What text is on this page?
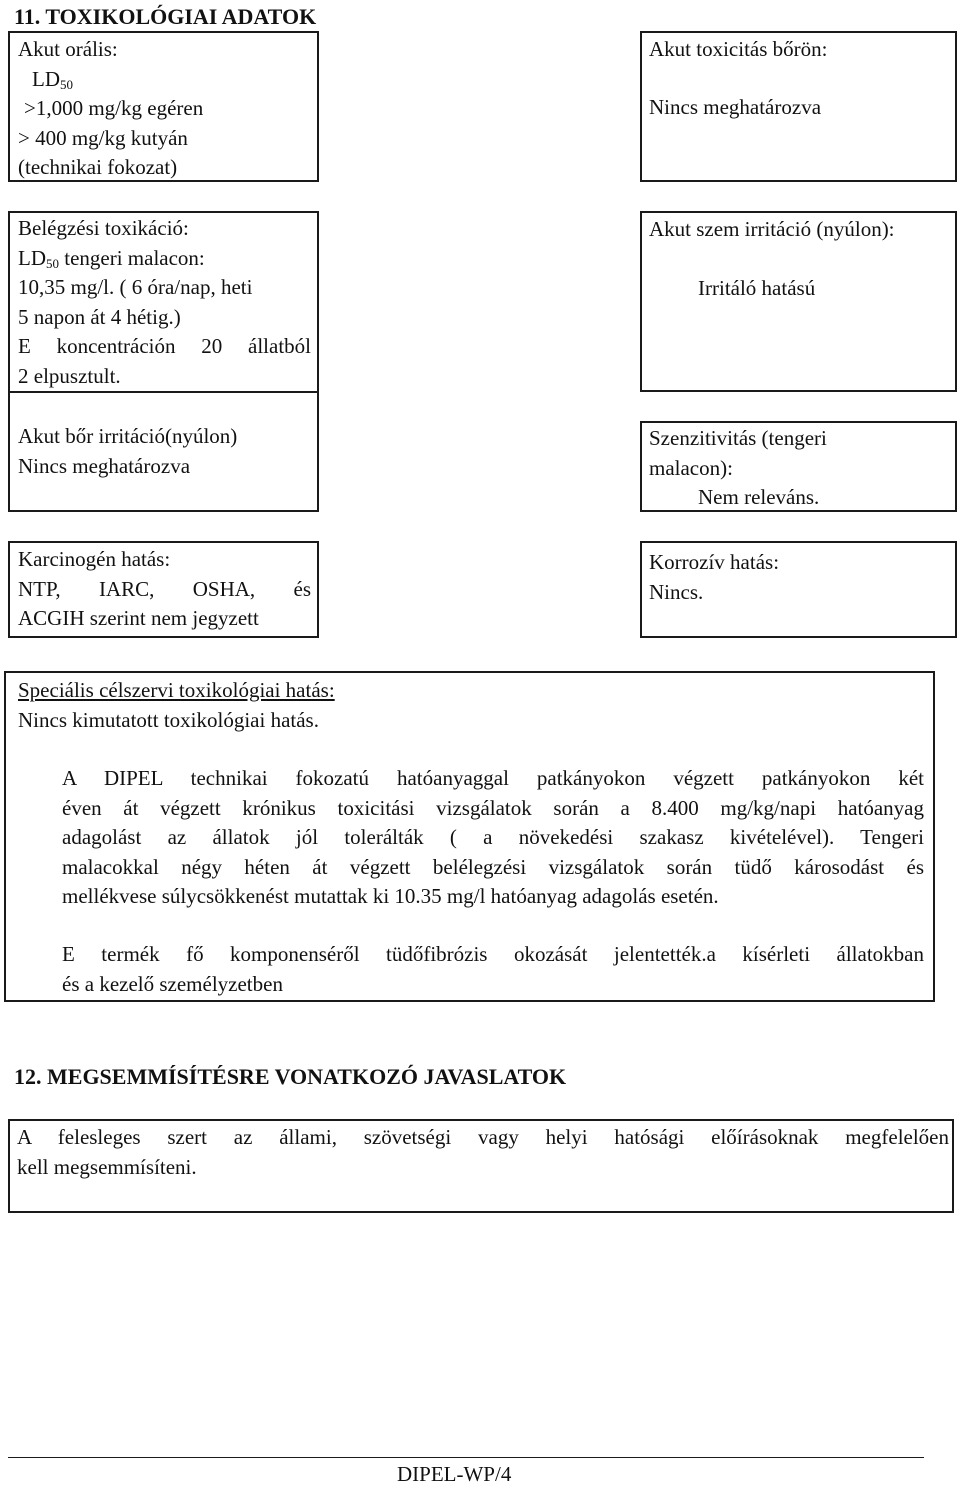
11. TOXIKOLÓGIAI ADATOK
Akut orális:
$LD_{50}$
>1,000 mg/kg egéren
> 400 mg/kg kutyán
(technikai fokozat)
Akut toxicitás bőrön:
Nincs meghatározva
Belégzési toxikáció:
$LD_{50}$ tengeri malacon:
10,35 mg/l. ( 6 óra/nap, heti
5 napon át 4 hétig.)
E koncentráción 20 állatból
2 elpusztult.
Akut szem irritáció (nyúlon):
Irritáló hatású
Akut bőr irritáció(nyúlon)
Nincs meghatározva
Szenzitivitás (tengeri
malacon):
Nem releváns.
Karcinogén hatás:
NTP, IARC, OSHA, és
ACGIH szerint nem jegyzett
Korrozív hatás:
Nincs.
Speciális célszervi toxikológiai hatás:
Nincs kimutatott toxikológiai hatás.
A DIPEL technikai fokozatú hatóanyaggal patkányokon végzett patkányokon két
éven át végzett krónikus toxicitási vizsgálatok során a 8.400 mg/kg/napi hatóanyag
adagolást az állatok jól tolerálták ( a növekedési szakasz kivételével). Tengeri
malacokkal négy héten át végzett belélegzési vizsgálatok során tüdő károsodást és
mellékvese súlycsökkenést mutattak ki 10.35 mg/l hatóanyag adagolás esetén.
E termék fő komponenséről tüdőfibrózis okozását jelentették.a kísérleti állatokban
és a kezelő személyzetben
12. MEGSEMMÍSÍTÉSRE VONATKOZÓ JAVASLATOK
A felesleges szert az állami, szövetségi vagy helyi hatósági előírásoknak megfelelően
kell megsemmísíteni.
DIPEL-WP/4
